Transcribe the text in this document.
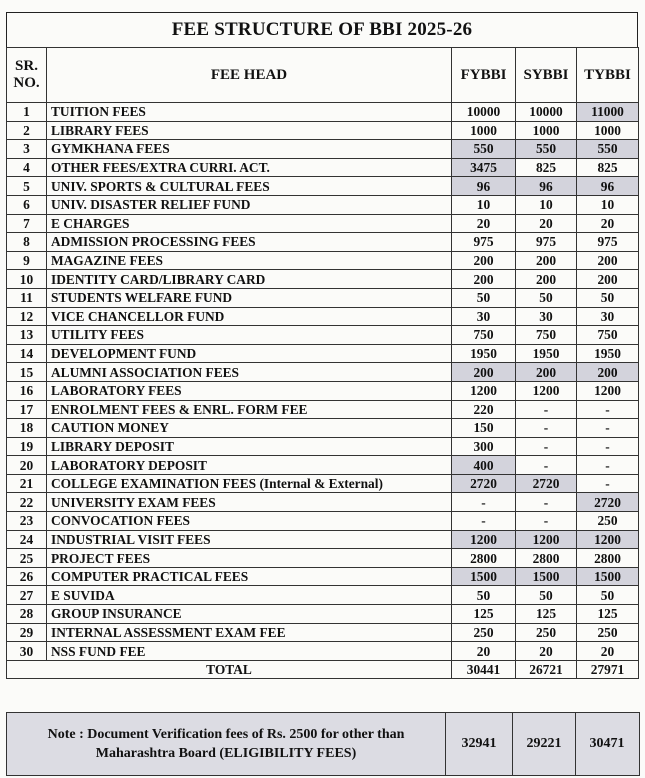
FEE STRUCTURE OF BBI 2025-26
SR.
NO.	FEE HEAD	FYBBI	SYBBI	TYBBI
1	TUITION FEES	10000	10000	11000
2	LIBRARY FEES	1000	1000	1000
3	GYMKHANA FEES	550	550	550
4	OTHER FEES/EXTRA CURRI. ACT.	3475	825	825
5	UNIV. SPORTS & CULTURAL FEES	96	96	96
6	UNIV. DISASTER RELIEF FUND	10	10	10
7	E CHARGES	20	20	20
8	ADMISSION PROCESSING FEES	975	975	975
9	MAGAZINE FEES	200	200	200
10	IDENTITY CARD/LIBRARY CARD	200	200	200
11	STUDENTS WELFARE FUND	50	50	50
12	VICE CHANCELLOR FUND	30	30	30
13	UTILITY FEES	750	750	750
14	DEVELOPMENT FUND	1950	1950	1950
15	ALUMNI ASSOCIATION FEES	200	200	200
16	LABORATORY FEES	1200	1200	1200
17	ENROLMENT FEES & ENRL. FORM FEE	220	-	-
18	CAUTION MONEY	150	-	-
19	LIBRARY DEPOSIT	300	-	-
20	LABORATORY DEPOSIT	400	-	-
21	COLLEGE EXAMINATION FEES (Internal & External)	2720	2720	-
22	UNIVERSITY EXAM FEES	-	-	2720
23	CONVOCATION FEES	-	-	250
24	INDUSTRIAL VISIT FEES	1200	1200	1200
25	PROJECT FEES	2800	2800	2800
26	COMPUTER PRACTICAL FEES	1500	1500	1500
27	E SUVIDA	50	50	50
28	GROUP INSURANCE	125	125	125
29	INTERNAL ASSESSMENT EXAM FEE	250	250	250
30	NSS FUND FEE	20	20	20
TOTAL		30441	26721	27971
Note : Document Verification fees of Rs. 2500 for other than
Maharashtra Board (ELIGIBILITY FEES)
32941	29221	30471
